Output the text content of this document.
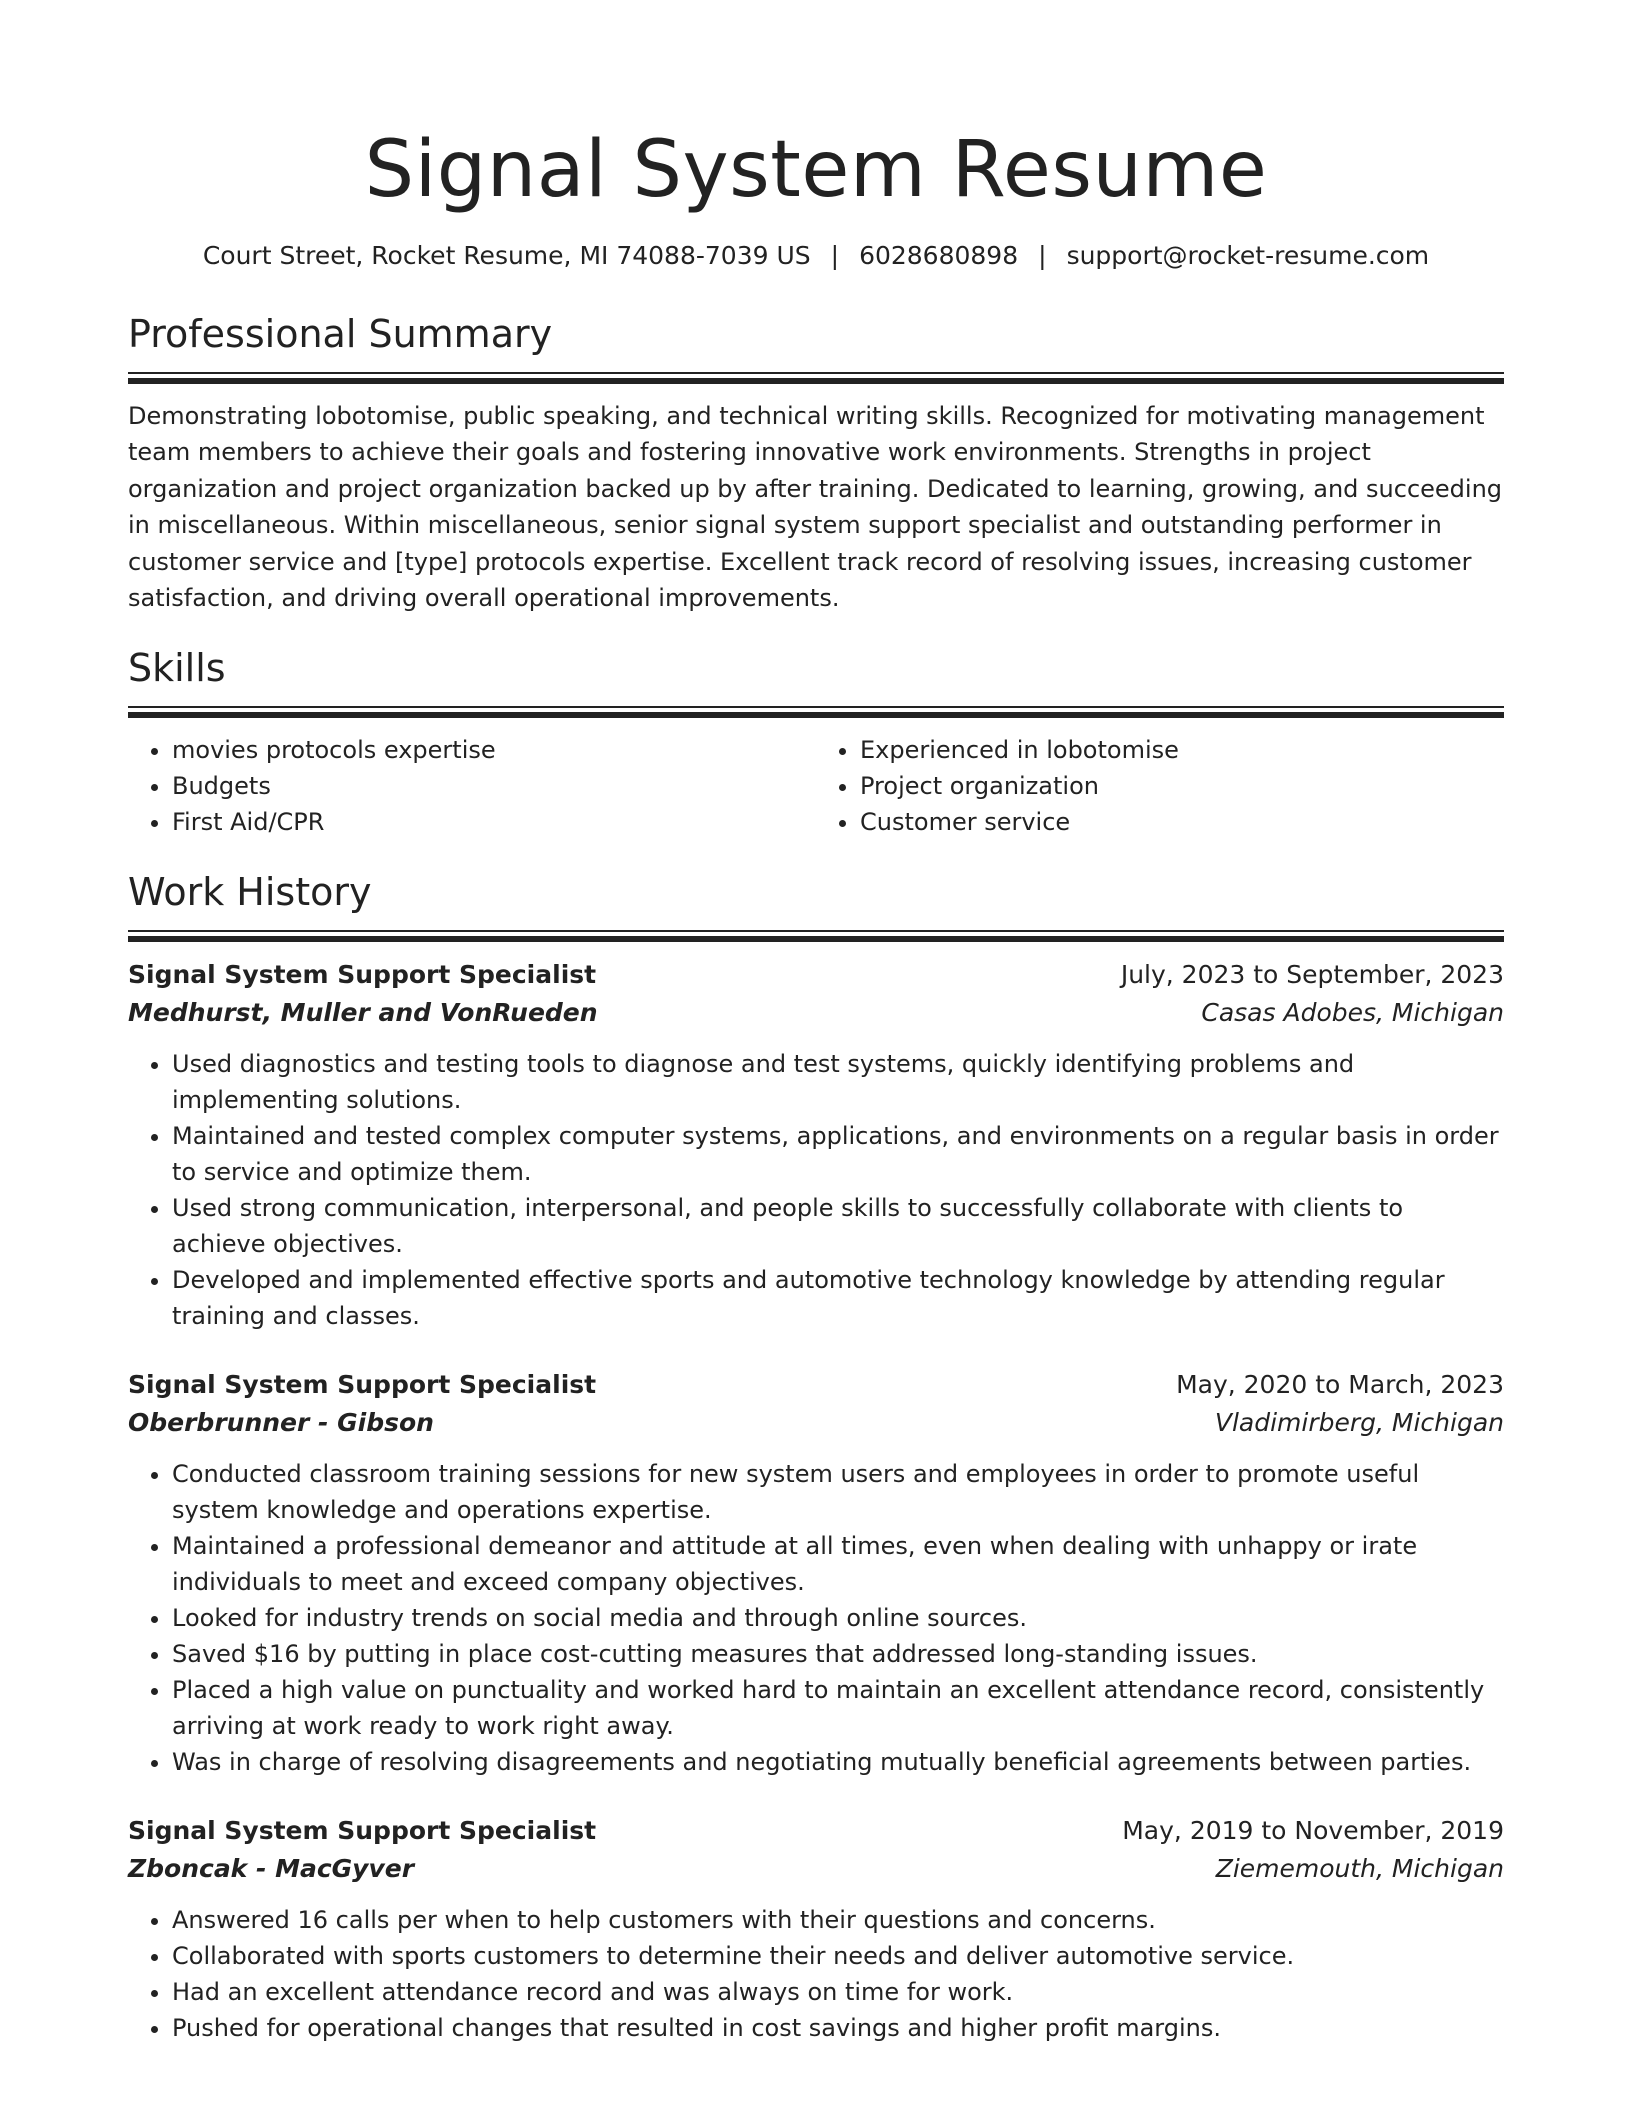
Signal System Resume
Court Street, Rocket Resume, MI 74088-7039 US | 6028680898 | support@rocket-resume.com
Professional Summary

Demonstrating lobotomise, public speaking, and technical writing skills. Recognized for motivating management team members to achieve their goals and fostering innovative work environments. Strengths in project organization and project organization backed up by after training. Dedicated to learning, growing, and succeeding in miscellaneous. Within miscellaneous, senior signal system support specialist and outstanding performer in customer service and [type] protocols expertise. Excellent track record of resolving issues, increasing customer satisfaction, and driving overall operational improvements.

Skills
• movies protocols expertise
• Budgets
• First Aid/CPR
• Experienced in lobotomise
• Project organization
• Customer service
Work History
Signal System Support Specialist	July, 2023 to September, 2023
Medhurst, Muller and VonRueden	Casas Adobes, Michigan
• Used diagnostics and testing tools to diagnose and test systems, quickly identifying problems and implementing solutions.
• Maintained and tested complex computer systems, applications, and environments on a regular basis in order to service and optimize them.
• Used strong communication, interpersonal, and people skills to successfully collaborate with clients to achieve objectives.
• Developed and implemented effective sports and automotive technology knowledge by attending regular training and classes.
Signal System Support Specialist	May, 2020 to March, 2023
Oberbrunner - Gibson	Vladimirberg, Michigan
• Conducted classroom training sessions for new system users and employees in order to promote useful system knowledge and operations expertise.
• Maintained a professional demeanor and attitude at all times, even when dealing with unhappy or irate individuals to meet and exceed company objectives.
• Looked for industry trends on social media and through online sources.
• Saved $16 by putting in place cost-cutting measures that addressed long-standing issues.
• Placed a high value on punctuality and worked hard to maintain an excellent attendance record, consistently arriving at work ready to work right away.
• Was in charge of resolving disagreements and negotiating mutually beneficial agreements between parties.
Signal System Support Specialist	May, 2019 to November, 2019
Zboncak - MacGyver	Ziememouth, Michigan
• Answered 16 calls per when to help customers with their questions and concerns.
• Collaborated with sports customers to determine their needs and deliver automotive service.
• Had an excellent attendance record and was always on time for work.
• Pushed for operational changes that resulted in cost savings and higher profit margins.
